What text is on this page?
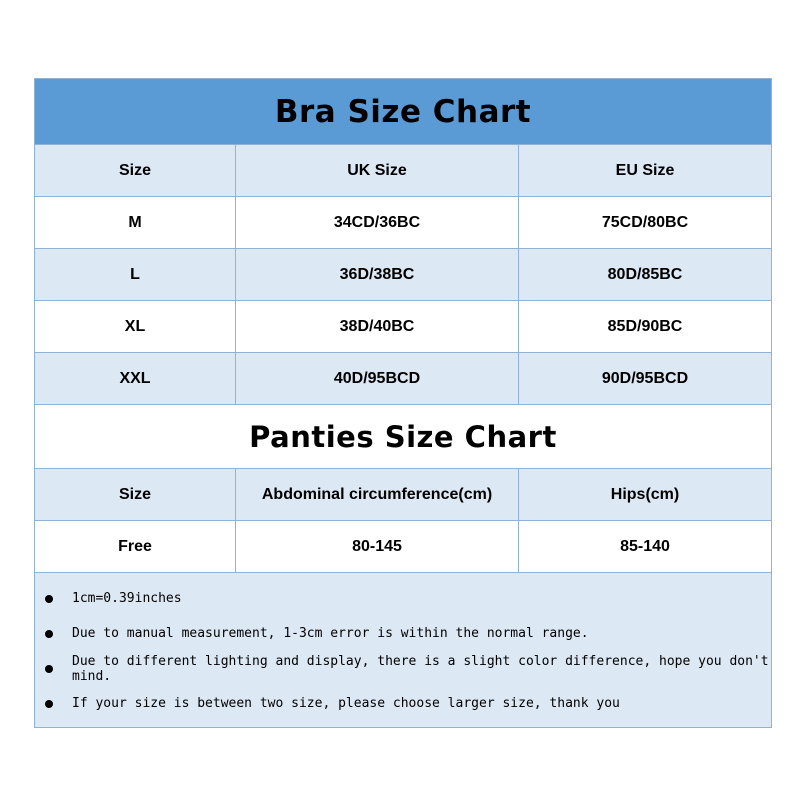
Bra Size Chart
Size	UK Size	EU Size
M	34CD/36BC	75CD/80BC
L	36D/38BC	80D/85BC
XL	38D/40BC	85D/90BC
XXL	40D/95BCD	90D/95BCD
Panties Size Chart
Size	Abdominal circumference(cm)	Hips(cm)
Free	80-145	85-140
1cm=0.39inches
Due to manual measurement, 1-3cm error is within the normal range.
Due to different lighting and display, there is a slight color difference, hope you don't mind.
If your size is between two size, please choose larger size, thank you
